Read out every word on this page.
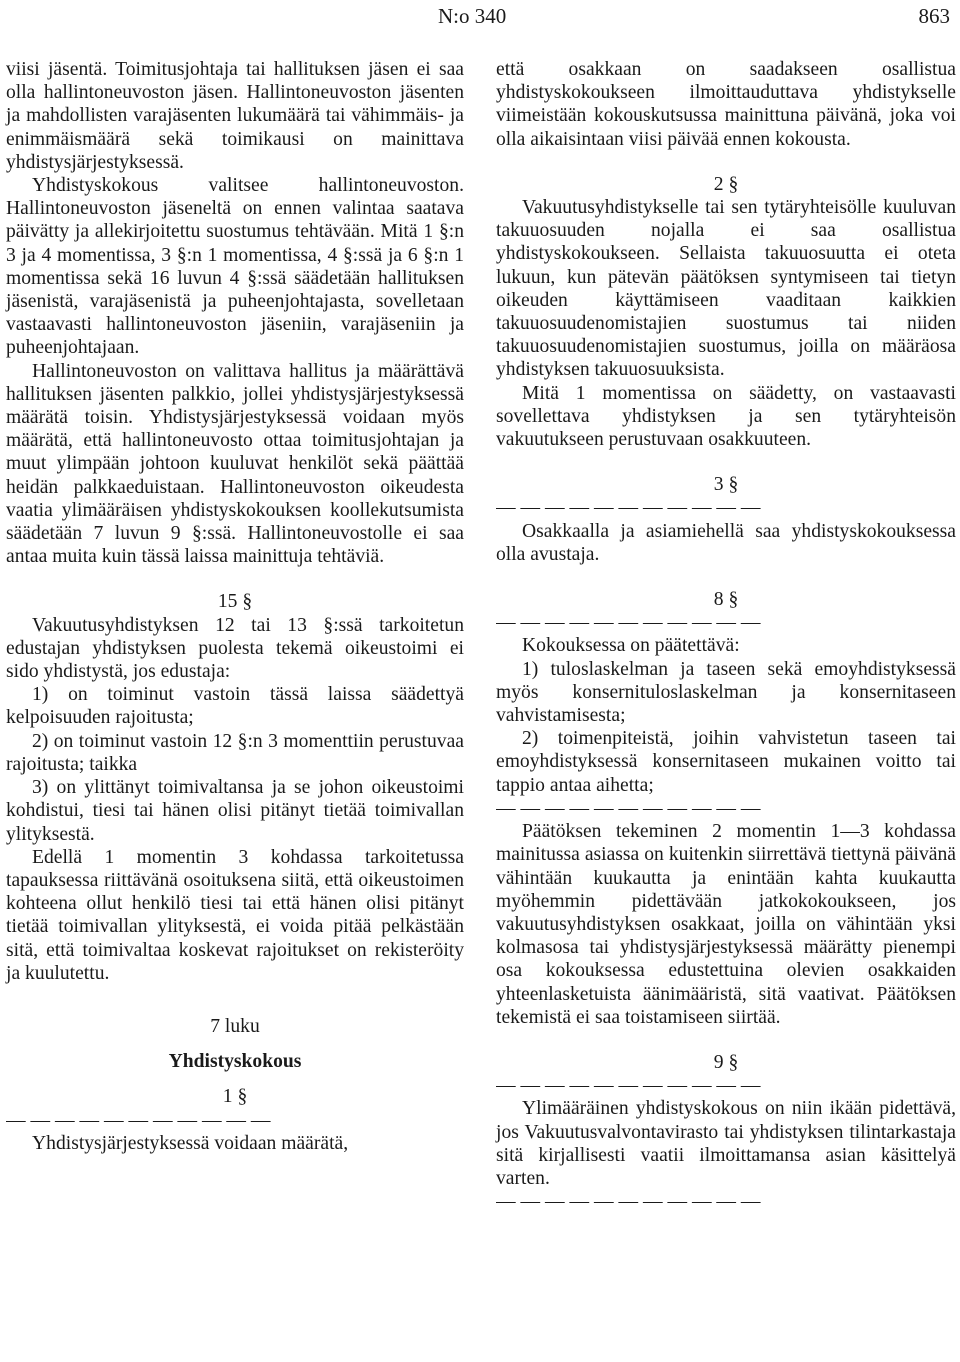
N:o 340	863

viisi jäsentä. Toimitusjohtaja tai hallituksen jäsen ei saa olla hallintoneuvoston jäsen. Hallintoneuvoston jäsenten ja mahdollisten varajäsenten lukumäärä tai vähimmäis- ja enimmäismäärä sekä toimikausi on mainittava yhdistysjärjestyksessä.

Yhdistyskokous valitsee hallintoneuvoston. Hallintoneuvoston jäseneltä on ennen valintaa saatava päivätty ja allekirjoitettu suostumus tehtävään. Mitä 1 §:n 3 ja 4 momentissa, 3 §:n 1 momentissa, 4 §:ssä ja 6 §:n 1 momentissa sekä 16 luvun 4 §:ssä säädetään hallituksen jäsenistä, varajäsenistä ja puheenjohtajasta, sovelletaan vastaavasti hallintoneuvoston jäseniin, varajäseniin ja puheenjohtajaan.

Hallintoneuvoston on valittava hallitus ja määrättävä hallituksen jäsenten palkkio, jollei yhdistysjärjestyksessä määrätä toisin. Yhdistysjärjestyksessä voidaan myös määrätä, että hallintoneuvosto ottaa toimitusjohtajan ja muut ylimpään johtoon kuuluvat henkilöt sekä päättää heidän palkkaeduistaan. Hallintoneuvoston oikeudesta vaatia ylimääräisen yhdistyskokouksen koollekutsumista säädetään 7 luvun 9 §:ssä. Hallintoneuvostolle ei saa antaa muita kuin tässä laissa mainittuja tehtäviä.

15 §

Vakuutusyhdistyksen 12 tai 13 §:ssä tarkoitetun edustajan yhdistyksen puolesta tekemä oikeustoimi ei sido yhdistystä, jos edustaja:

1) on toiminut vastoin tässä laissa säädettyä kelpoisuuden rajoitusta;

2) on toiminut vastoin 12 §:n 3 momenttiin perustuvaa rajoitusta; taikka

3) on ylittänyt toimivaltansa ja se johon oikeustoimi kohdistui, tiesi tai hänen olisi pitänyt tietää toimivallan ylityksestä.

Edellä 1 momentin 3 kohdassa tarkoitetussa tapauksessa riittävänä osoituksena siitä, että oikeustoimen kohteena ollut henkilö tiesi tai että hänen olisi pitänyt tietää toimivallan ylityksestä, ei voida pitää pelkästään sitä, että toimivaltaa koskevat rajoitukset on rekisteröity ja kuulutettu.

7 luku

Yhdistyskokous

1 §

— — — — — — — — — — —

Yhdistysjärjestyksessä voidaan määrätä,

että osakkaan on saadakseen osallistua yhdistyskokoukseen ilmoittauduttava yhdistykselle viimeistään kokouskutsussa mainittuna päivänä, joka voi olla aikaisintaan viisi päivää ennen kokousta.

2 §

Vakuutusyhdistykselle tai sen tytäryhteisölle kuuluvan takuuosuuden nojalla ei saa osallistua yhdistyskokoukseen. Sellaista takuuosuutta ei oteta lukuun, kun pätevän päätöksen syntymiseen tai tietyn oikeuden käyttämiseen vaaditaan kaikkien takuuosuudenomistajien suostumus tai niiden takuuosuudenomistajien suostumus, joilla on määräosa yhdistyksen takuuosuuksista.

Mitä 1 momentissa on säädetty, on vastaavasti sovellettava yhdistyksen ja sen tytäryhteisön vakuutukseen perustuvaan osakkuuteen.

3 §

— — — — — — — — — — —

Osakkaalla ja asiamiehellä saa yhdistyskokouksessa olla avustaja.

8 §

— — — — — — — — — — —

Kokouksessa on päätettävä:

1) tuloslaskelman ja taseen sekä emoyhdistyksessä myös konsernituloslaskelman ja konsernitaseen vahvistamisesta;

2) toimenpiteistä, joihin vahvistetun taseen tai emoyhdistyksessä konsernitaseen mukainen voitto tai tappio antaa aihetta;

— — — — — — — — — — —

Päätöksen tekeminen 2 momentin 1—3 kohdassa mainitussa asiassa on kuitenkin siirrettävä tiettynä päivänä vähintään kuukautta ja enintään kahta kuukautta myöhemmin pidettävään jatkokokoukseen, jos vakuutusyhdistyksen osakkaat, joilla on vähintään yksi kolmasosa tai yhdistysjärjestyksessä määrätty pienempi osa kokouksessa edustettuina olevien osakkaiden yhteenlasketuista äänimääristä, sitä vaativat. Päätöksen tekemistä ei saa toistamiseen siirtää.

9 §

— — — — — — — — — — —

Ylimääräinen yhdistyskokous on niin ikään pidettävä, jos Vakuutusvalvontavirasto tai yhdistyksen tilintarkastaja sitä kirjallisesti vaatii ilmoittamansa asian käsittelyä varten.

— — — — — — — — — — —
